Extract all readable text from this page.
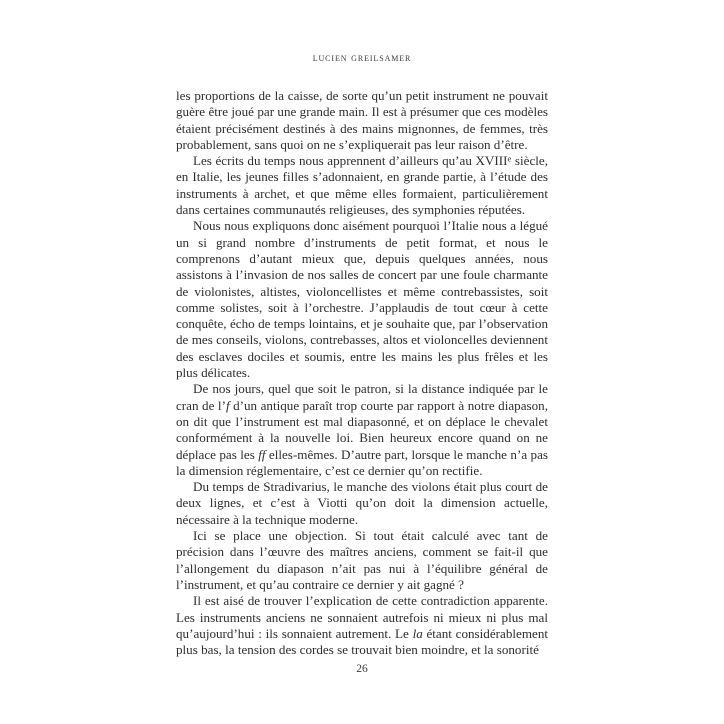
lucien greilsamer

les proportions de la caisse, de sorte qu’un petit instrument ne pouvait guère être joué par une grande main. Il est à présumer que ces modèles étaient précisément destinés à des mains mignonnes, de femmes, très probablement, sans quoi on ne s’expliquerait pas leur raison d’être.

Les écrits du temps nous apprennent d’ailleurs qu’au XVIIIe siècle, en Italie, les jeunes filles s’adonnaient, en grande partie, à l’étude des instruments à archet, et que même elles formaient, particulièrement dans certaines communautés religieuses, des symphonies réputées.

Nous nous expliquons donc aisément pourquoi l’Italie nous a légué un si grand nombre d’instruments de petit format, et nous le comprenons d’autant mieux que, depuis quelques années, nous assistons à l’invasion de nos salles de concert par une foule charmante de violonistes, altistes, violoncellistes et même contrebassistes, soit comme solistes, soit à l’orchestre. J’applaudis de tout cœur à cette conquête, écho de temps lointains, et je souhaite que, par l’observation de mes conseils, violons, contrebasses, altos et violoncelles deviennent des esclaves dociles et soumis, entre les mains les plus frêles et les plus délicates.

De nos jours, quel que soit le patron, si la distance indiquée par le cran de l’f d’un antique paraît trop courte par rapport à notre diapason, on dit que l’instrument est mal diapasonné, et on déplace le chevalet conformément à la nouvelle loi. Bien heureux encore quand on ne déplace pas les ff elles-mêmes. D’autre part, lorsque le manche n’a pas la dimension réglementaire, c’est ce dernier qu’on rectifie.

Du temps de Stradivarius, le manche des violons était plus court de deux lignes, et c’est à Viotti qu’on doit la dimension actuelle, nécessaire à la technique moderne.

Ici se place une objection. Si tout était calculé avec tant de précision dans l’œuvre des maîtres anciens, comment se fait-il que l’allongement du diapason n’ait pas nui à l’équilibre général de l’instrument, et qu’au contraire ce dernier y ait gagné ?

Il est aisé de trouver l’explication de cette contradiction apparente. Les instruments anciens ne sonnaient autrefois ni mieux ni plus mal qu’aujourd’hui : ils sonnaient autrement. Le la étant considérablement plus bas, la tension des cordes se trouvait bien moindre, et la sonorité

26
